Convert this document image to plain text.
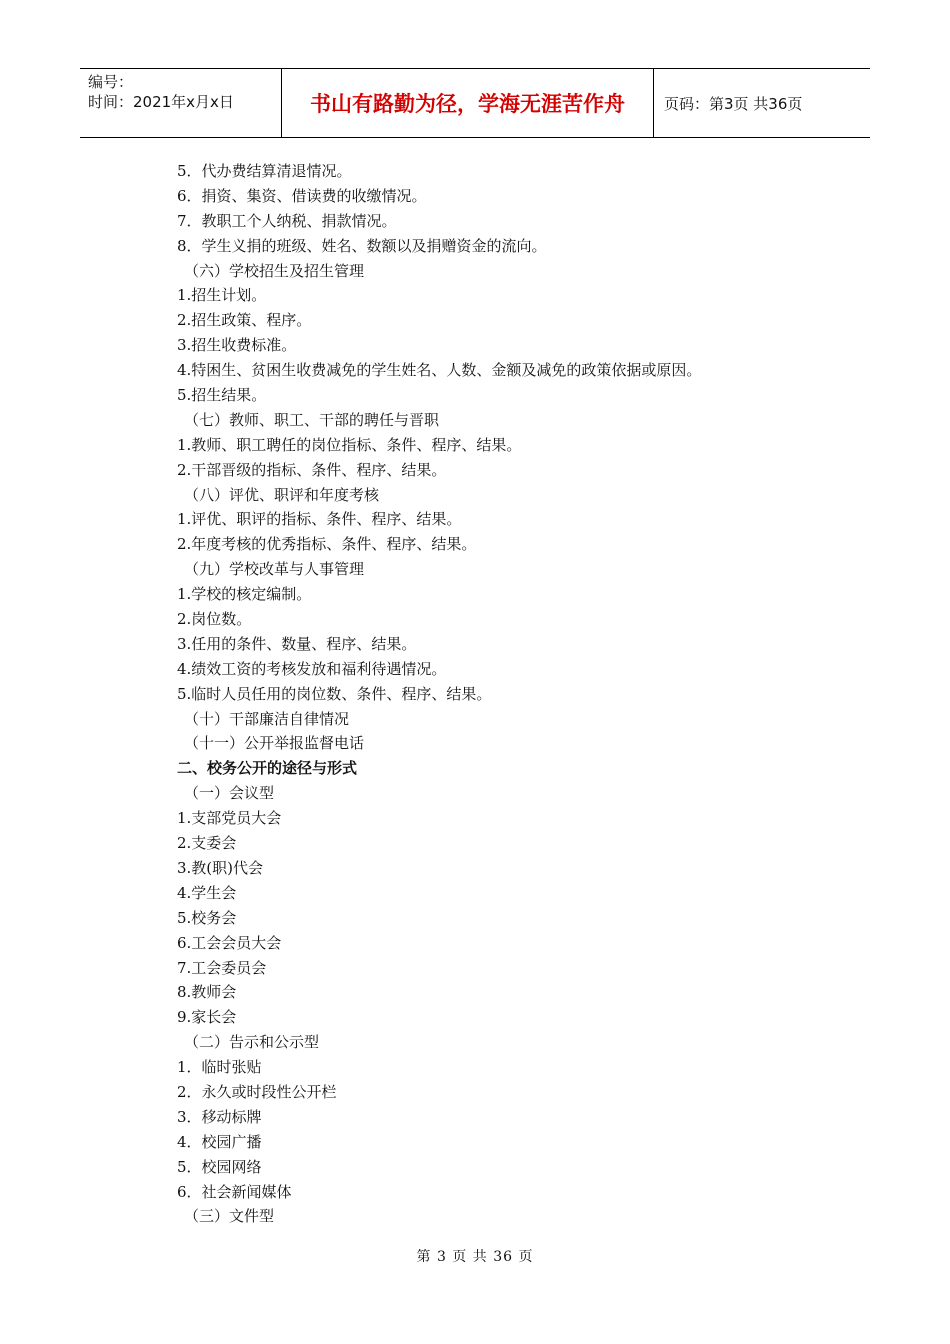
编号：
时间：2021年x月x日	书山有路勤为径，学海无涯苦作舟	页码：第3页 共36页
5．代办费结算清退情况。
6．捐资、集资、借读费的收缴情况。
7．教职工个人纳税、捐款情况。
8．学生义捐的班级、姓名、数额以及捐赠资金的流向。
（六）学校招生及招生管理
1.招生计划。
2.招生政策、程序。
3.招生收费标准。
4.特困生、贫困生收费减免的学生姓名、人数、金额及减免的政策依据或原因。
5.招生结果。
（七）教师、职工、干部的聘任与晋职
1.教师、职工聘任的岗位指标、条件、程序、结果。
2.干部晋级的指标、条件、程序、结果。
（八）评优、职评和年度考核
1.评优、职评的指标、条件、程序、结果。
2.年度考核的优秀指标、条件、程序、结果。
（九）学校改革与人事管理
1.学校的核定编制。
2.岗位数。
3.任用的条件、数量、程序、结果。
4.绩效工资的考核发放和福利待遇情况。
5.临时人员任用的岗位数、条件、程序、结果。
（十）干部廉洁自律情况
（十一）公开举报监督电话
二、校务公开的途径与形式
（一）会议型
1.支部党员大会
2.支委会
3.教(职)代会
4.学生会
5.校务会
6.工会会员大会
7.工会委员会
8.教师会
9.家长会
（二）告示和公示型
1．临时张贴
2．永久或时段性公开栏
3．移动标牌
4．校园广播
5．校园网络
6．社会新闻媒体
（三）文件型
第 3 页 共 36 页
